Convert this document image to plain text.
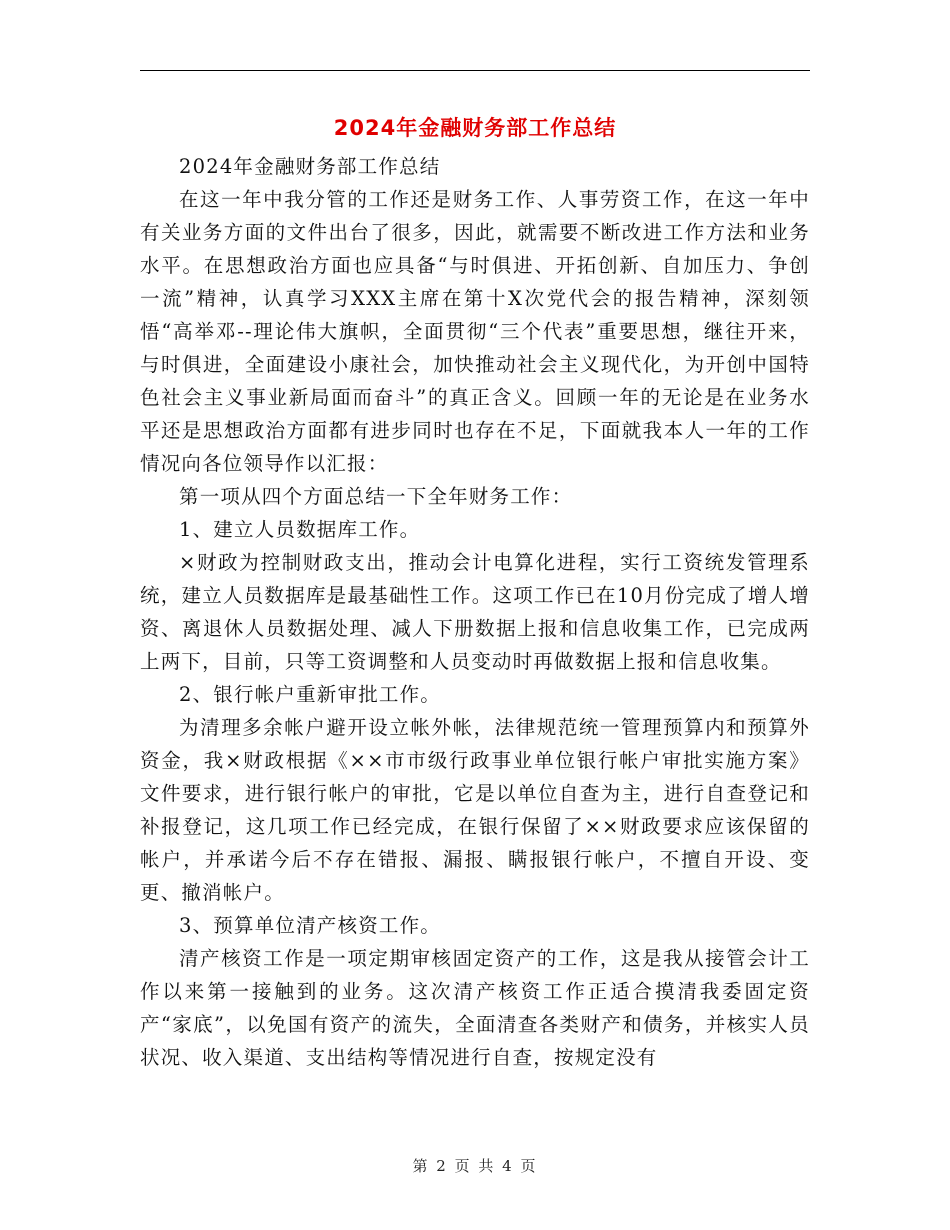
2024年金融财务部工作总结

2024年金融财务部工作总结

在这一年中我分管的工作还是财务工作、人事劳资工作，在这一年中有关业务方面的文件出台了很多，因此，就需要不断改进工作方法和业务水平。在思想政治方面也应具备“与时俱进、开拓创新、自加压力、争创一流”精神，认真学习XXX主席在第十X次党代会的报告精神，深刻领悟“高举邓--理论伟大旗帜，全面贯彻“三个代表”重要思想，继往开来，与时俱进，全面建设小康社会，加快推动社会主义现代化，为开创中国特色社会主义事业新局面而奋斗”的真正含义。回顾一年的无论是在业务水平还是思想政治方面都有进步同时也存在不足，下面就我本人一年的工作情况向各位领导作以汇报：

第一项从四个方面总结一下全年财务工作：

1、建立人员数据库工作。

×财政为控制财政支出，推动会计电算化进程，实行工资统发管理系统，建立人员数据库是最基础性工作。这项工作已在10月份完成了增人增资、离退休人员数据处理、减人下册数据上报和信息收集工作，已完成两上两下，目前，只等工资调整和人员变动时再做数据上报和信息收集。

2、银行帐户重新审批工作。

为清理多余帐户避开设立帐外帐，法律规范统一管理预算内和预算外资金，我×财政根据《××市市级行政事业单位银行帐户审批实施方案》文件要求，进行银行帐户的审批，它是以单位自查为主，进行自查登记和补报登记，这几项工作已经完成，在银行保留了××财政要求应该保留的帐户，并承诺今后不存在错报、漏报、瞒报银行帐户，不擅自开设、变更、撤消帐户。

3、预算单位清产核资工作。

清产核资工作是一项定期审核固定资产的工作，这是我从接管会计工作以来第一接触到的业务。这次清产核资工作正适合摸清我委固定资产“家底”，以免国有资产的流失，全面清查各类财产和债务，并核实人员状况、收入渠道、支出结构等情况进行自查，按规定没有

第 2 页 共 4 页
